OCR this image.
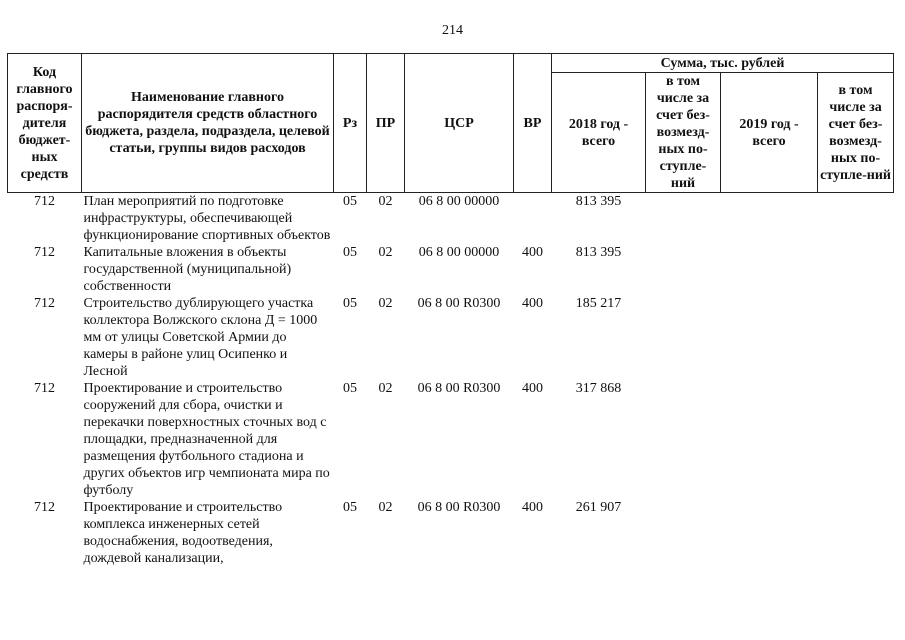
214
Код главного распоря-дителя бюджет-ных средств	Наименование главного распорядителя средств областного бюджета, раздела, подраздела, целевой статьи, группы видов расходов	Рз	ПР	ЦСР	ВР	Сумма, тыс. рублей			
						2018 год - всего	в том числе за счет без-возмезд-ных по-ступле-ний	2019 год - всего	в том числе за счет без-возмезд-ных по-ступле-ний
712	План мероприятий по подготовке инфраструктуры, обеспечивающей функционирование спортивных объектов	05	02	06 8 00 00000		813 395			
712	Капитальные вложения в объекты государственной (муниципальной) собственности	05	02	06 8 00 00000	400	813 395			
712	Строительство дублирующего участка коллектора Волжского склона Д = 1000 мм от улицы Советской Армии до камеры в районе улиц Осипенко и Лесной	05	02	06 8 00 R0300	400	185 217			
712	Проектирование и строительство сооружений для сбора, очистки и перекачки поверхностных сточных вод с площадки, предназначенной для размещения футбольного стадиона и других объектов игр чемпионата мира по футболу	05	02	06 8 00 R0300	400	317 868			
712	Проектирование и строительство комплекса инженерных сетей водоснабжения, водоотведения, дождевой канализации,	05	02	06 8 00 R0300	400	261 907			
